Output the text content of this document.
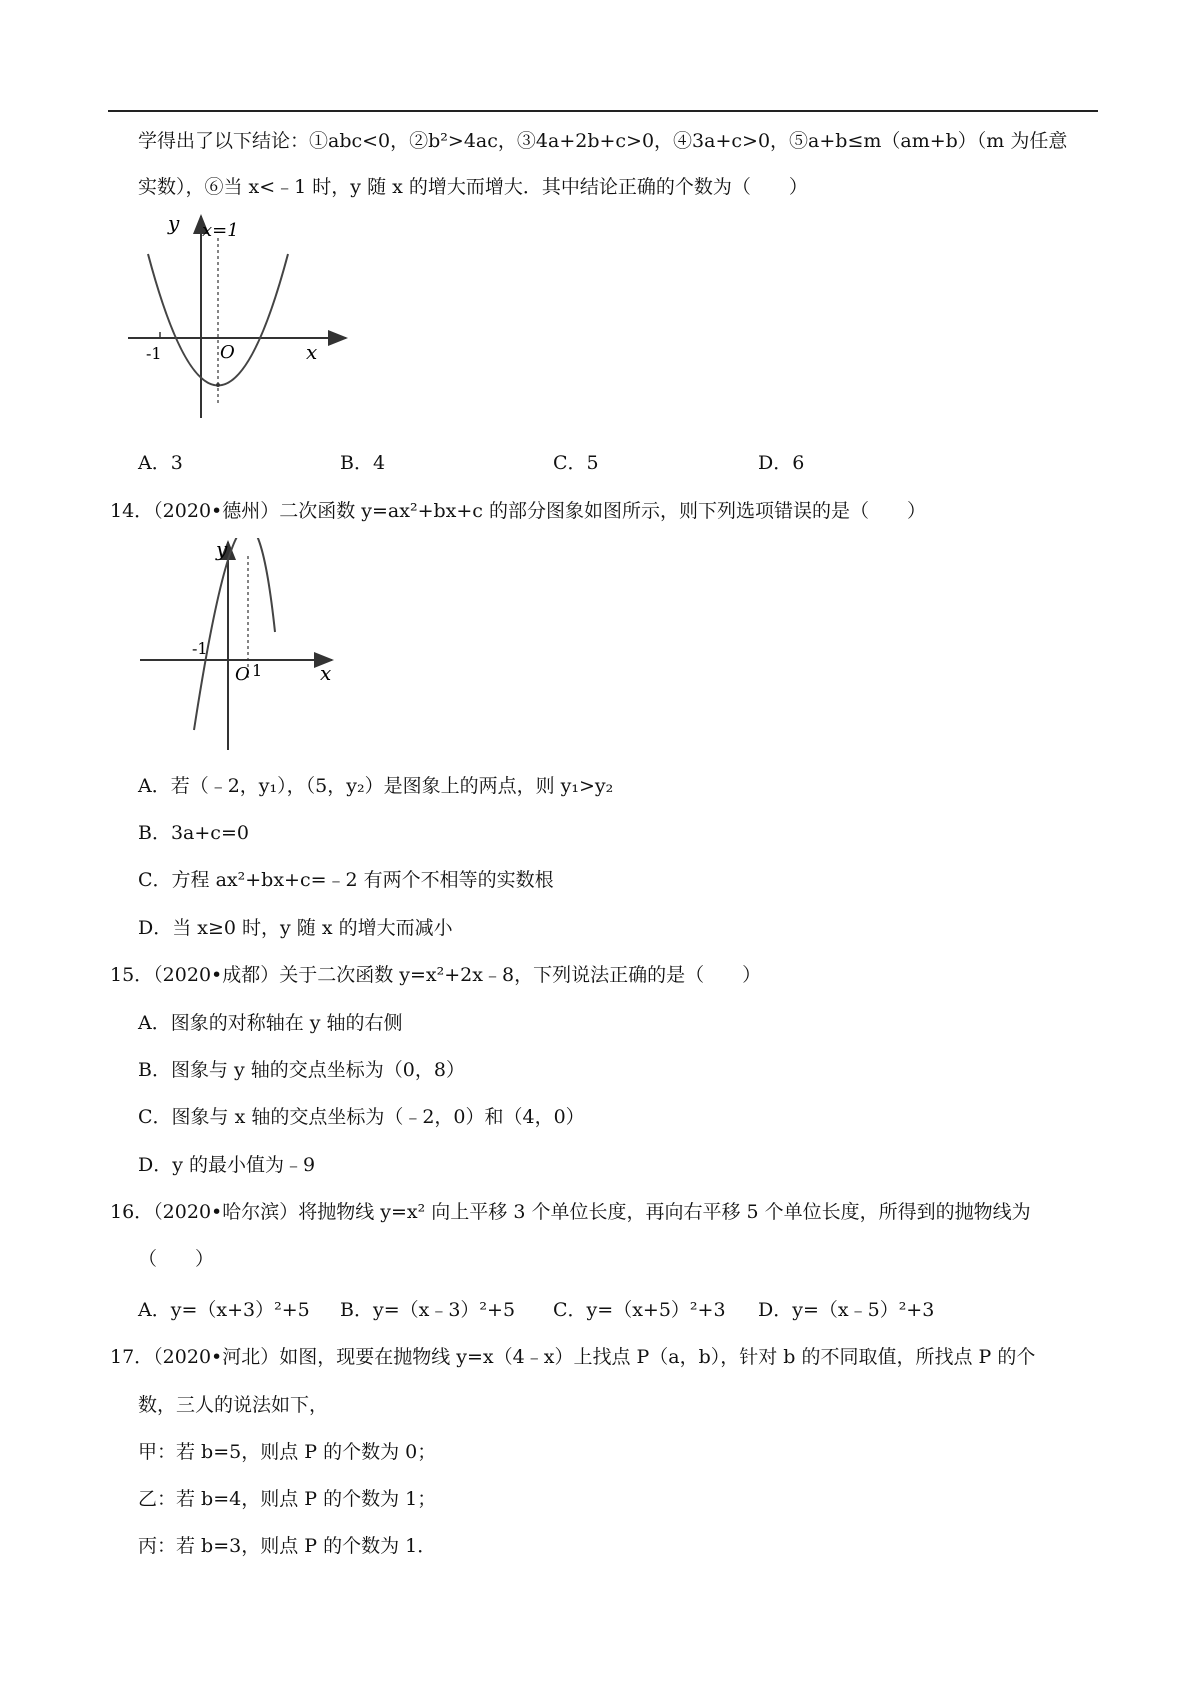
学得出了以下结论：①abc<0，②b²>4ac，③4a+2b+c>0，④3a+c>0，⑤a+b≤m（am+b）（m 为任意
实数），⑥当 x<﹣1 时，y 随 x 的增大而增大．其中结论正确的个数为（　　）
y x=1
-1	O	x
A．3	B．4	C．5	D．6
14．（2020•德州）二次函数 y=ax²+bx+c 的部分图象如图所示，则下列选项错误的是（　　）
y
-1
O 1	x
A．若（﹣2，y₁），（5，y₂）是图象上的两点，则 y₁>y₂
B．3a+c=0
C．方程 ax²+bx+c=﹣2 有两个不相等的实数根
D．当 x≥0 时，y 随 x 的增大而减小
15．（2020•成都）关于二次函数 y=x²+2x﹣8，下列说法正确的是（　　）
A．图象的对称轴在 y 轴的右侧
B．图象与 y 轴的交点坐标为（0，8）
C．图象与 x 轴的交点坐标为（﹣2，0）和（4，0）
D．y 的最小值为﹣9
16．（2020•哈尔滨）将抛物线 y=x² 向上平移 3 个单位长度，再向右平移 5 个单位长度，所得到的抛物线为
（　　）
A．y=（x+3）²+5 B．y=（x﹣3）²+5 C．y=（x+5）²+3 D．y=（x﹣5）²+3
17．（2020•河北）如图，现要在抛物线 y=x（4﹣x）上找点 P（a，b），针对 b 的不同取值，所找点 P 的个
数，三人的说法如下，
甲：若 b=5，则点 P 的个数为 0；
乙：若 b=4，则点 P 的个数为 1；
丙：若 b=3，则点 P 的个数为 1．
